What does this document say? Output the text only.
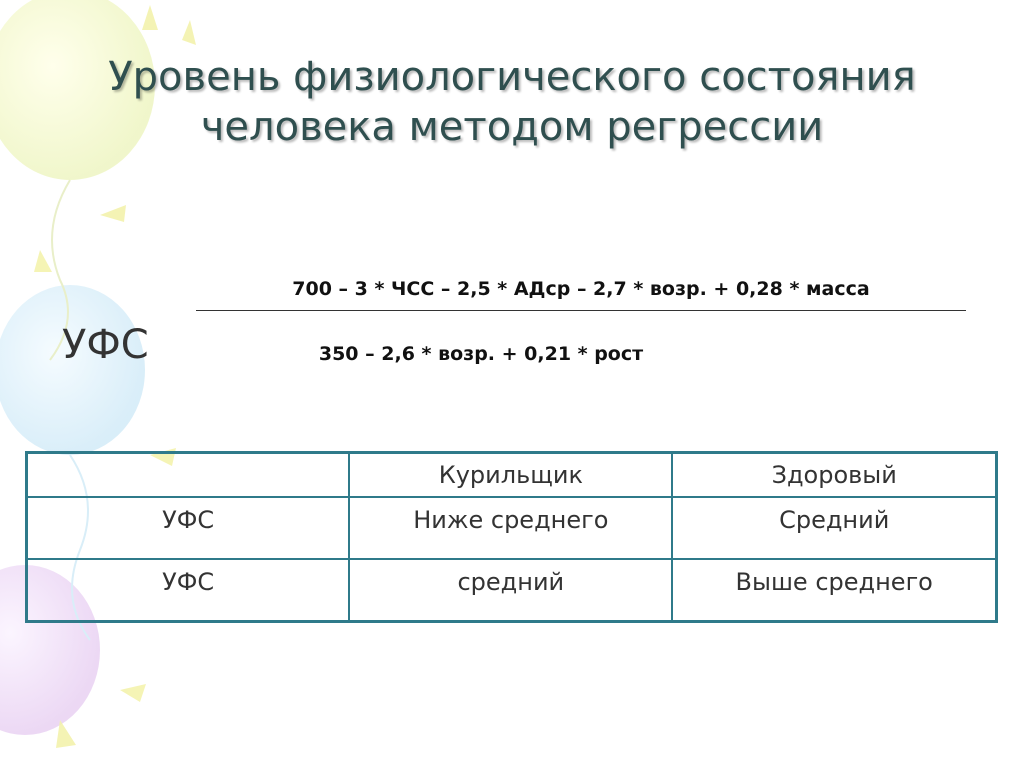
Уровень физиологического состояния
человека методом регрессии
УФС
700 – 3 * ЧСС – 2,5 * АДср – 2,7 * возр. + 0,28 * масса
350 – 2,6 * возр. + 0,21 * рост
	Курильщик	Здоровый
УФС	Ниже среднего	Средний
УФС	средний	Выше среднего
